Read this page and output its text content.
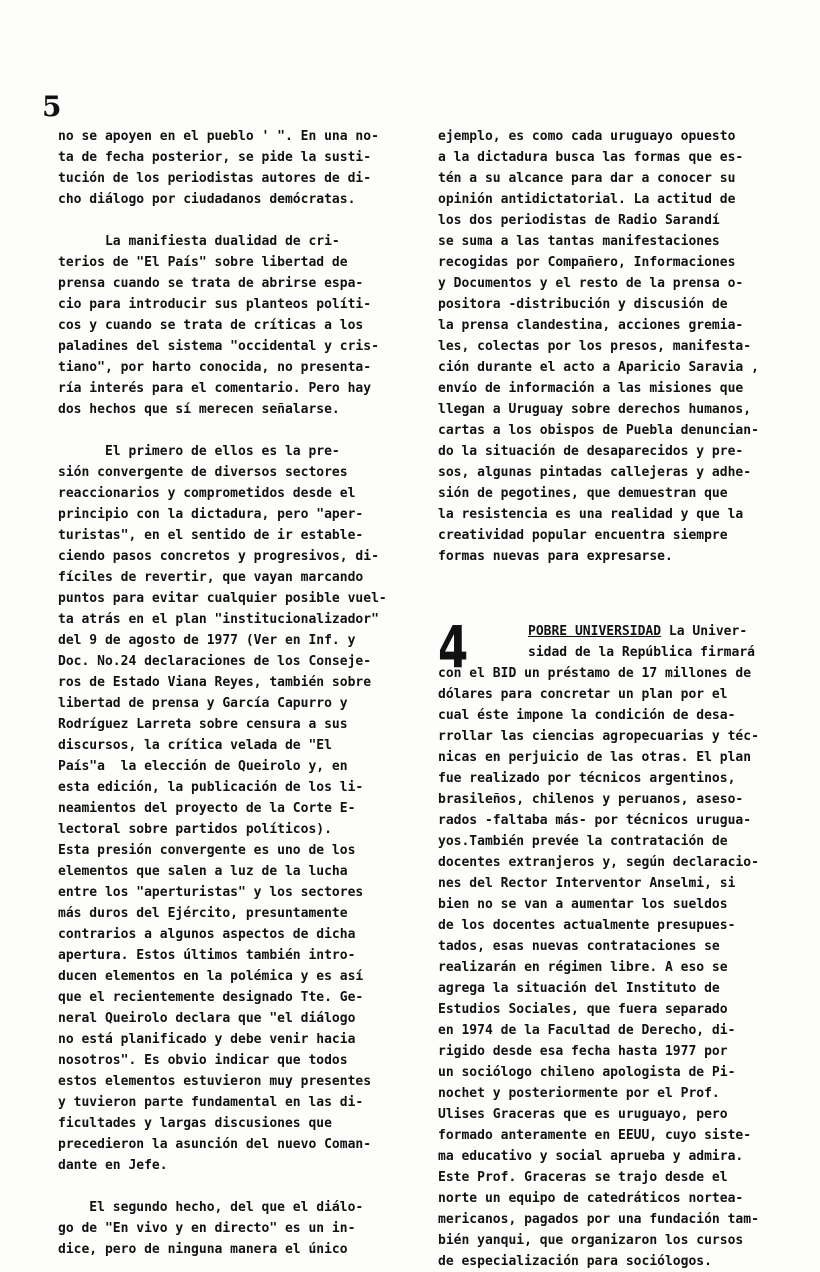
5

no se apoyen en el pueblo ' ". En una no-
ta de fecha posterior, se pide la susti-
tución de los periodistas autores de di-
cho diálogo por ciudadanos demócratas.

La manifiesta dualidad de cri-
terios de "El País" sobre libertad de
prensa cuando se trata de abrirse espa-
cio para introducir sus planteos políti-
cos y cuando se trata de críticas a los
paladines del sistema "occidental y cris-
tiano", por harto conocida, no presenta-
ría interés para el comentario. Pero hay
dos hechos que sí merecen señalarse.

El primero de ellos es la pre-
sión convergente de diversos sectores
reaccionarios y comprometidos desde el
principio con la dictadura, pero "aper-
turistas", en el sentido de ir estable-
ciendo pasos concretos y progresivos, di-
fíciles de revertir, que vayan marcando
puntos para evitar cualquier posible vuel-
ta atrás en el plan "institucionalizador"
del 9 de agosto de 1977 (Ver en Inf. y
Doc. No.24 declaraciones de los Conseje-
ros de Estado Viana Reyes, también sobre
libertad de prensa y García Capurro y
Rodríguez Larreta sobre censura a sus
discursos, la crítica velada de "El
País"a  la elección de Queirolo y, en
esta edición, la publicación de los li-
neamientos del proyecto de la Corte E-
lectoral sobre partidos políticos).
Esta presión convergente es uno de los
elementos que salen a luz de la lucha
entre los "aperturistas" y los sectores
más duros del Ejército, presuntamente
contrarios a algunos aspectos de dicha
apertura. Estos últimos también intro-
ducen elementos en la polémica y es así
que el recientemente designado Tte. Ge-
neral Queirolo declara que "el diálogo
no está planificado y debe venir hacia
nosotros". Es obvio indicar que todos
estos elementos estuvieron muy presentes
y tuvieron parte fundamental en las di-
ficultades y largas discusiones que
precedieron la asunción del nuevo Coman-
dante en Jefe.

El segundo hecho, del que el diálo-
go de "En vivo y en directo" es un in-
dice, pero de ninguna manera el único

ejemplo, es como cada uruguayo opuesto
a la dictadura busca las formas que es-
tén a su alcance para dar a conocer su
opinión antidictatorial. La actitud de
los dos periodistas de Radio Sarandí
se suma a las tantas manifestaciones
recogidas por Compañero, Informaciones
y Documentos y el resto de la prensa o-
positora -distribución y discusión de
la prensa clandestina, acciones gremia-
les, colectas por los presos, manifesta-
ción durante el acto a Aparicio Saravia ,
envío de información a las misiones que
llegan a Uruguay sobre derechos humanos,
cartas a los obispos de Puebla denuncian-
do la situación de desaparecidos y pre-
sos, algunas pintadas callejeras y adhe-
sión de pegotines, que demuestran que
la resistencia es una realidad y que la
creatividad popular encuentra siempre
formas nuevas para expresarse.

4	POBRE UNIVERSIDAD La Univer-
sidad de la República firmará

con el BID un préstamo de 17 millones de
dólares para concretar un plan por el
cual éste impone la condición de desa-
rrollar las ciencias agropecuarias y téc-
nicas en perjuicio de las otras. El plan
fue realizado por técnicos argentinos,
brasileños, chilenos y peruanos, aseso-
rados -faltaba más- por técnicos urugua-
yos.También prevée la contratación de
docentes extranjeros y, según declaracio-
nes del Rector Interventor Anselmi, si
bien no se van a aumentar los sueldos
de los docentes actualmente presupues-
tados, esas nuevas contrataciones se
realizarán en régimen libre. A eso se
agrega la situación del Instituto de
Estudios Sociales, que fuera separado
en 1974 de la Facultad de Derecho, di-
rigido desde esa fecha hasta 1977 por
un sociólogo chileno apologista de Pi-
nochet y posteriormente por el Prof.
Ulises Graceras que es uruguayo, pero
formado anteramente en EEUU, cuyo siste-
ma educativo y social aprueba y admira.
Este Prof. Graceras se trajo desde el
norte un equipo de catedráticos nortea-
mericanos, pagados por una fundación tam-
bién yanqui, que organizaron los cursos
de especialización para sociólogos.
